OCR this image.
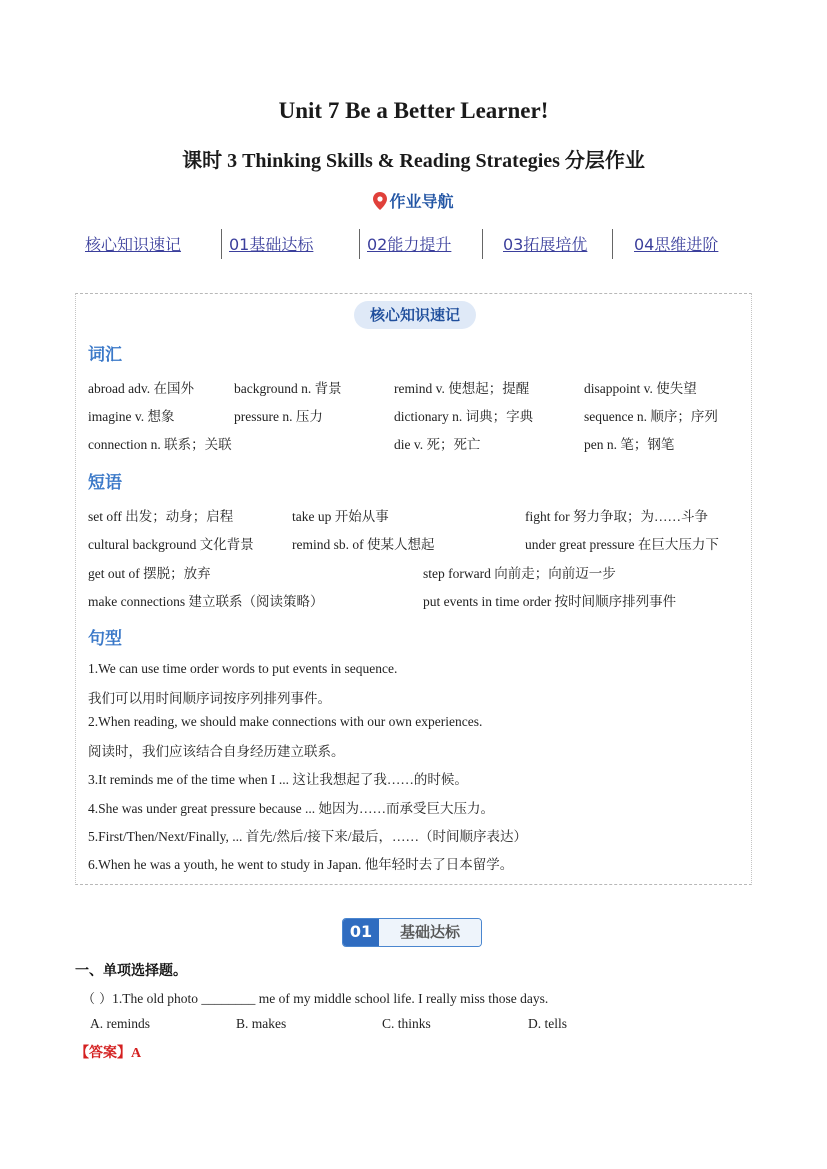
Unit 7 Be a Better Learner!
课时 3 Thinking Skills & Reading Strategies 分层作业
作业导航
核心知识速记	01基础达标	02能力提升	03拓展培优	04思维进阶
核心知识速记
词汇
abroad adv. 在国外	background n. 背景	remind v. 使想起；提醒	disappoint v. 使失望
imagine v. 想象	pressure n. 压力	dictionary n. 词典；字典	sequence n. 顺序；序列
connection n. 联系；关联	die v. 死；死亡	pen n. 笔；钢笔
短语
set off 出发；动身；启程	take up 开始从事	fight for 努力争取；为……斗争
cultural background 文化背景	remind sb. of 使某人想起	under great pressure 在巨大压力下
get out of 摆脱；放弃	step forward 向前走；向前迈一步
make connections 建立联系（阅读策略）	put events in time order 按时间顺序排列事件
句型
1.We can use time order words to put events in sequence.
我们可以用时间顺序词按序列排列事件。
2.When reading, we should make connections with our own experiences.
阅读时，我们应该结合自身经历建立联系。
3.It reminds me of the time when I ... 这让我想起了我……的时候。
4.She was under great pressure because ... 她因为……而承受巨大压力。
5.First/Then/Next/Finally, ... 首先/然后/接下来/最后，……（时间顺序表达）
6.When he was a youth, he went to study in Japan. 他年轻时去了日本留学。
01	基础达标
一、单项选择题。
（ ）1.The old photo ________ me of my middle school life. I really miss those days.
A. reminds	B. makes	C. thinks	D. tells
【答案】A
